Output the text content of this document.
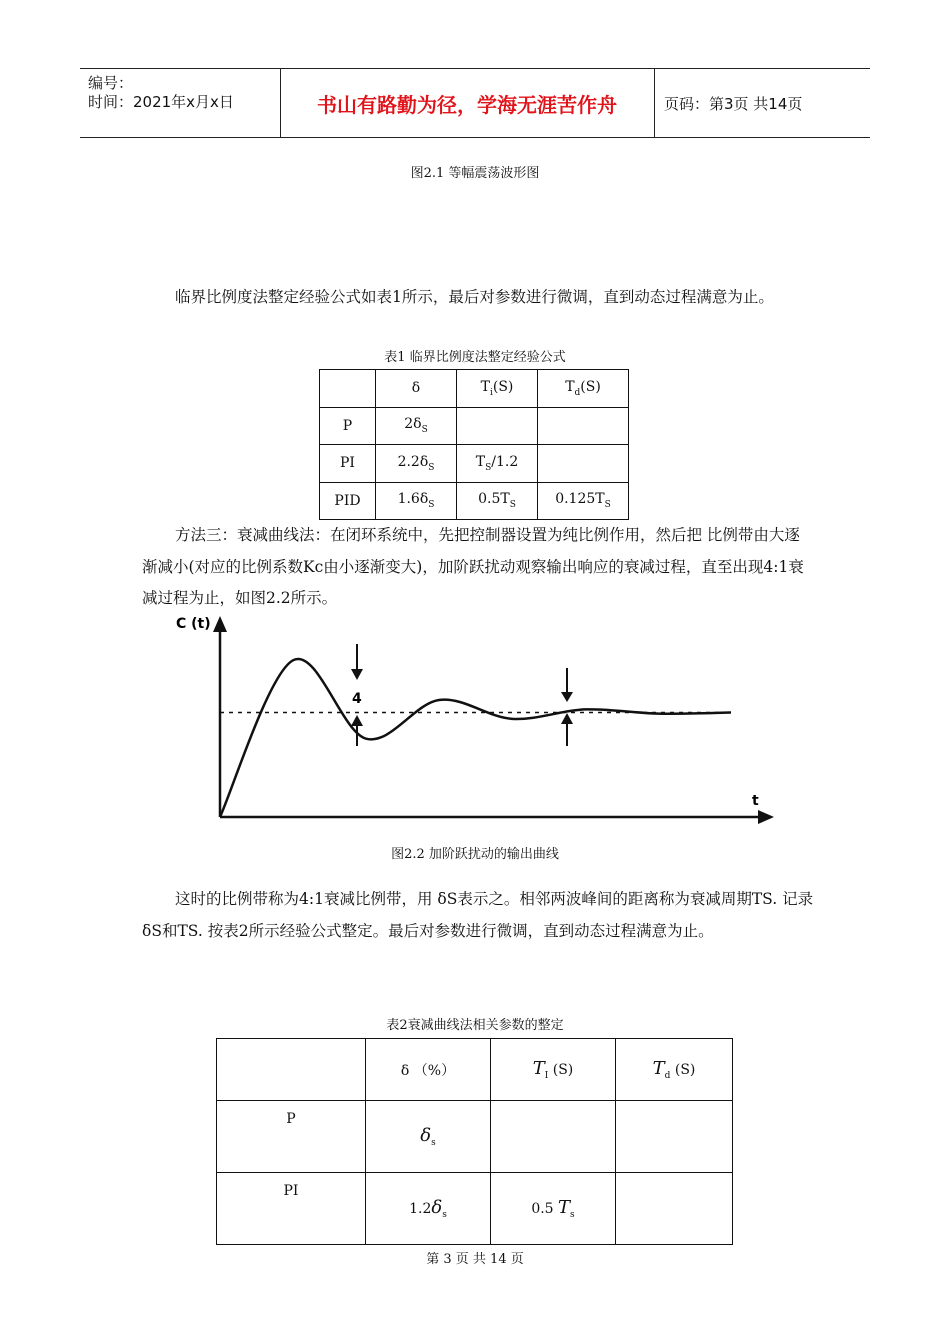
编号：
时间：2021年x月x日	书山有路勤为径，学海无涯苦作舟	页码：第3页 共14页
图2.1 等幅震荡波形图

临界比例度法整定经验公式如表1所示，最后对参数进行微调，直到动态过程满意为止。

表1 临界比例度法整定经验公式
	δ	$T_i(S)$	$T_d(S)$
P	$2\delta_S$		
PI	$2.2\delta_S$	$T_S/1.2$	
PID	$1.6\delta_S$	$0.5T_S$	$0.125T_S$

方法三：衰减曲线法：在闭环系统中，先把控制器设置为纯比例作用，然后把 比例带由大逐渐减小(对应的比例系数Kc由小逐渐变大)，加阶跃扰动观察输出响应的衰减过程，直至出现4:1衰减过程为止，如图2.2所示。

C (t)
t
4
图2.2 加阶跃扰动的输出曲线

这时的比例带称为4:1衰减比例带，用 δS表示之。相邻两波峰间的距离称为衰减周期TS. 记录 δS和TS. 按表2所示经验公式整定。最后对参数进行微调，直到动态过程满意为止。

表2衰减曲线法相关参数的整定
	δ （%）	$T_I$ (S)	$T_d$ (S)
P	$\delta_s$		
PI	$1.2\delta_s$	0.5 $T_s$	
第 3 页 共 14 页
